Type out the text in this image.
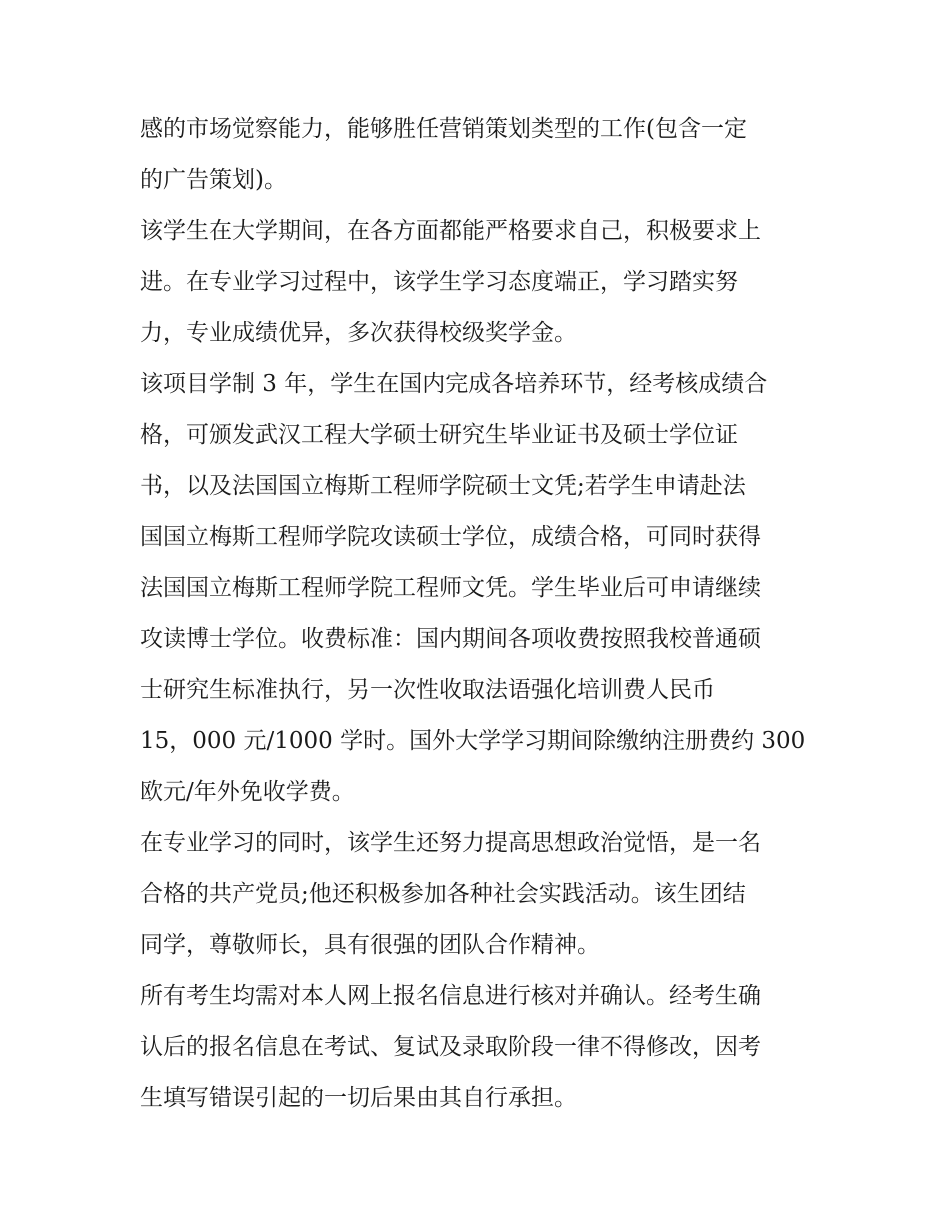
感的市场觉察能力，能够胜任营销策划类型的工作(包含一定
的广告策划)。
该学生在大学期间，在各方面都能严格要求自己，积极要求上
进。在专业学习过程中，该学生学习态度端正，学习踏实努
力，专业成绩优异，多次获得校级奖学金。
该项目学制 3 年，学生在国内完成各培养环节，经考核成绩合
格，可颁发武汉工程大学硕士研究生毕业证书及硕士学位证
书，以及法国国立梅斯工程师学院硕士文凭;若学生申请赴法
国国立梅斯工程师学院攻读硕士学位，成绩合格，可同时获得
法国国立梅斯工程师学院工程师文凭。学生毕业后可申请继续
攻读博士学位。收费标准：国内期间各项收费按照我校普通硕
士研究生标准执行，另一次性收取法语强化培训费人民币
15，000 元/1000 学时。国外大学学习期间除缴纳注册费约 300
欧元/年外免收学费。
在专业学习的同时，该学生还努力提高思想政治觉悟，是一名
合格的共产党员;他还积极参加各种社会实践活动。该生团结
同学，尊敬师长，具有很强的团队合作精神。
所有考生均需对本人网上报名信息进行核对并确认。经考生确
认后的报名信息在考试、复试及录取阶段一律不得修改，因考
生填写错误引起的一切后果由其自行承担。
